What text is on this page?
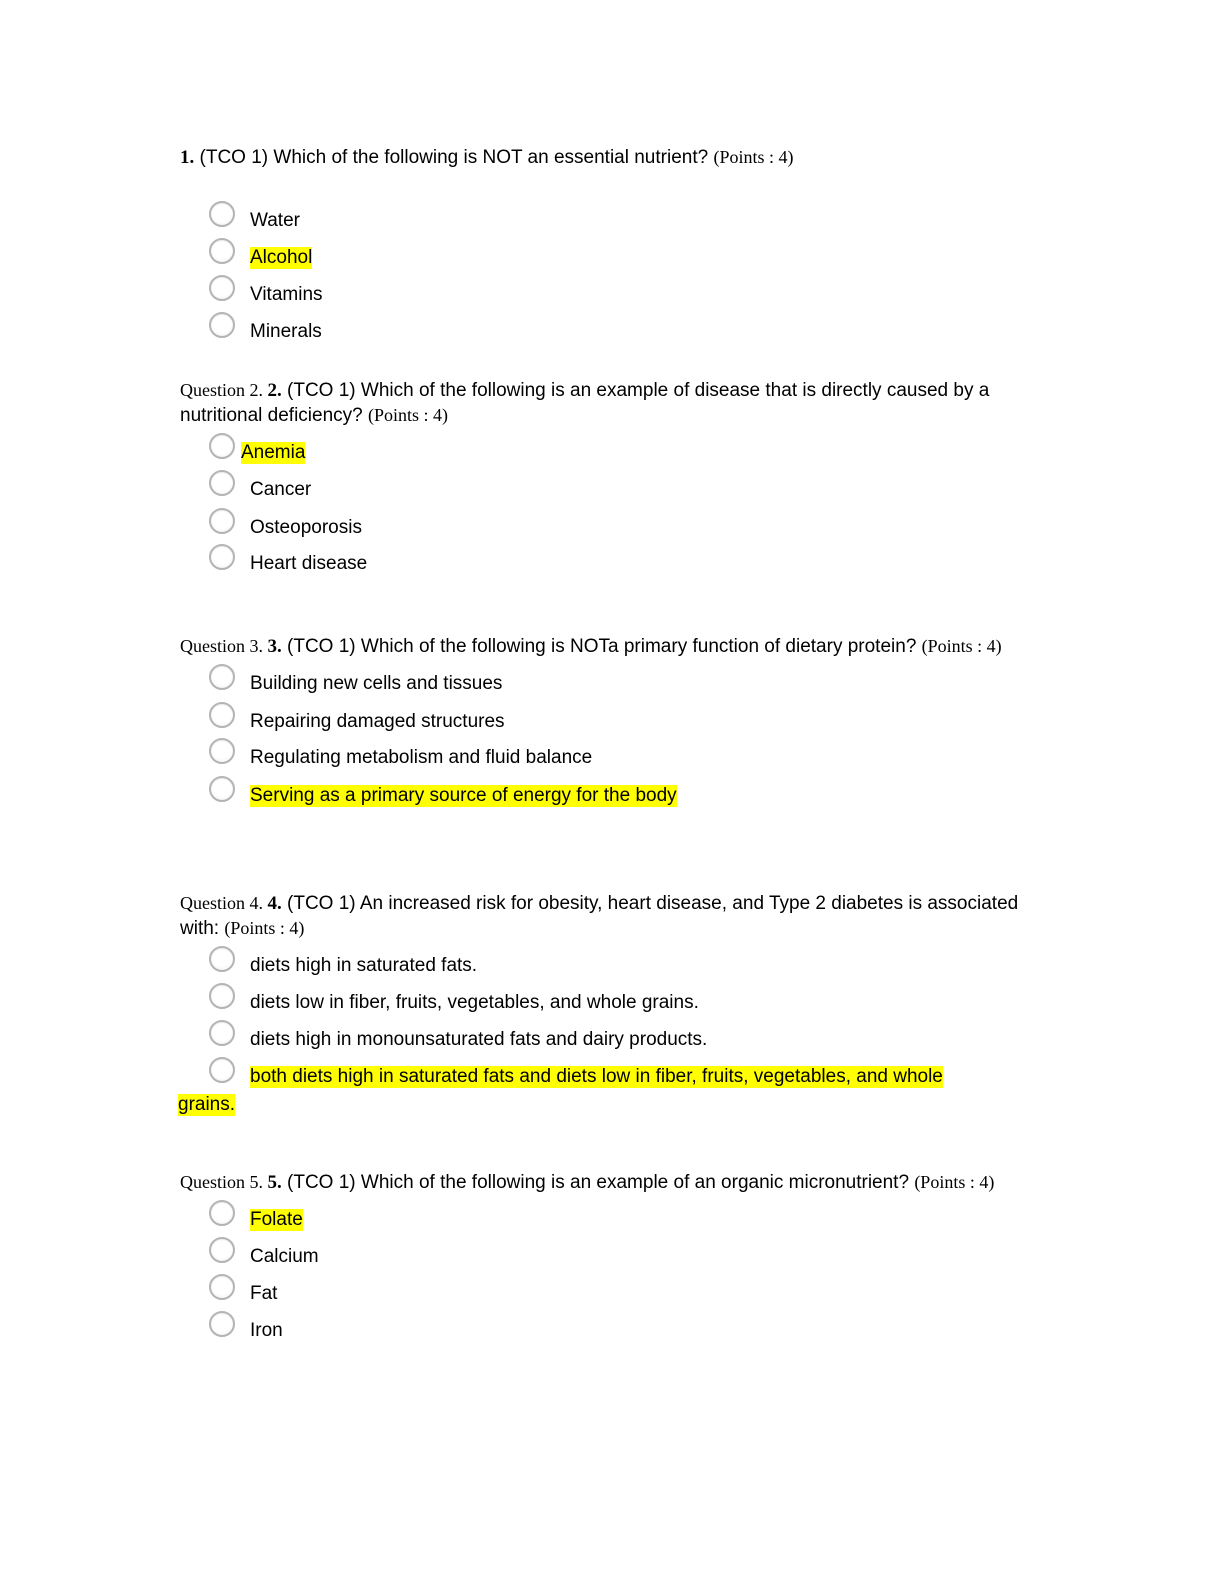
1. (TCO 1) Which of the following is NOT an essential nutrient? (Points : 4)
Water
Alcohol
Vitamins
Minerals
Question 2. 2. (TCO 1) Which of the following is an example of disease that is directly caused by a nutritional deficiency? (Points : 4)
Anemia
Cancer
Osteoporosis
Heart disease
Question 3. 3. (TCO 1) Which of the following is NOTa primary function of dietary protein? (Points : 4)
Building new cells and tissues
Repairing damaged structures
Regulating metabolism and fluid balance
Serving as a primary source of energy for the body
Question 4. 4. (TCO 1) An increased risk for obesity, heart disease, and Type 2 diabetes is associated with: (Points : 4)
diets high in saturated fats.
diets low in fiber, fruits, vegetables, and whole grains.
diets high in monounsaturated fats and dairy products.
both diets high in saturated fats and diets low in fiber, fruits, vegetables, and whole
grains.
Question 5. 5. (TCO 1) Which of the following is an example of an organic micronutrient? (Points : 4)
Folate
Calcium
Fat
Iron
